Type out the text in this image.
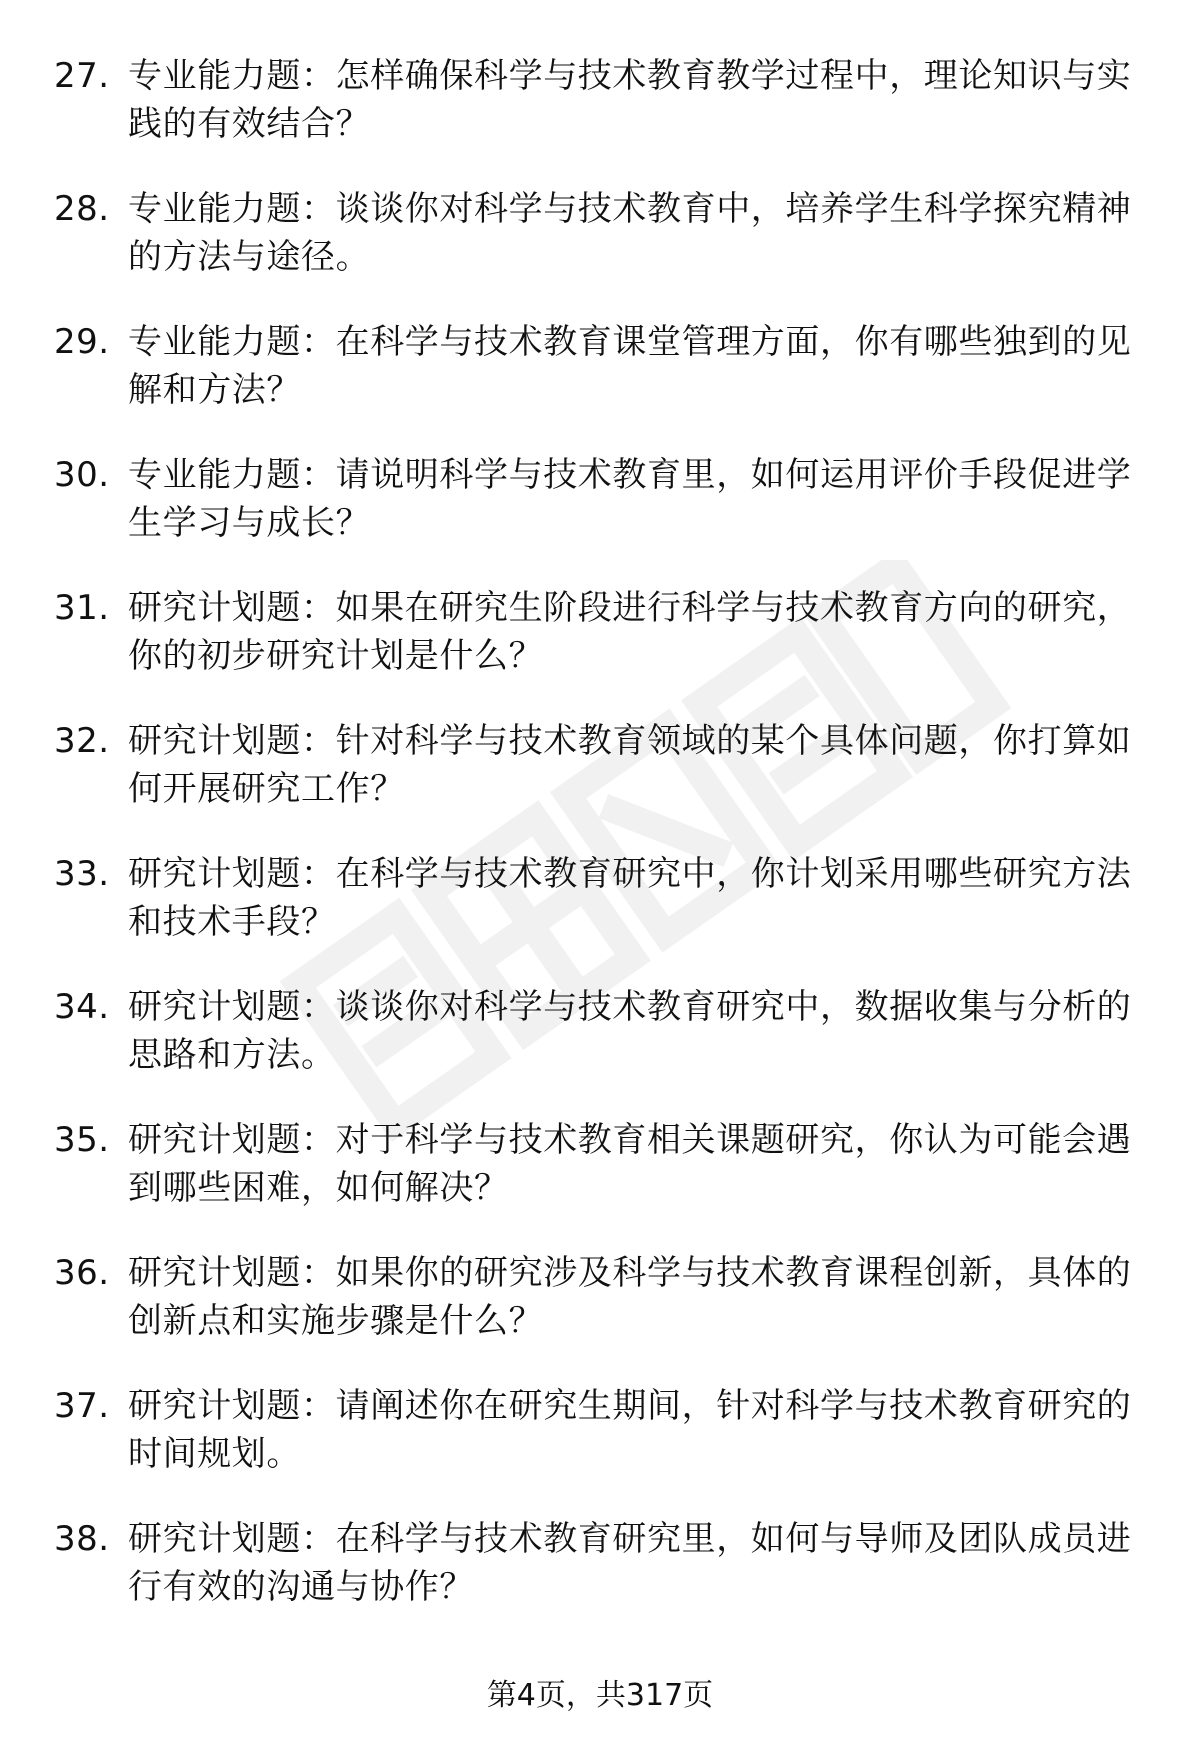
27. 专业能力题：怎样确保科学与技术教育教学过程中，理论知识与实践的有效结合？
28. 专业能力题：谈谈你对科学与技术教育中，培养学生科学探究精神的方法与途径。
29. 专业能力题：在科学与技术教育课堂管理方面，你有哪些独到的见解和方法？
30. 专业能力题：请说明科学与技术教育里，如何运用评价手段促进学生学习与成长？
31. 研究计划题：如果在研究生阶段进行科学与技术教育方向的研究，你的初步研究计划是什么？
32. 研究计划题：针对科学与技术教育领域的某个具体问题，你打算如何开展研究工作？
33. 研究计划题：在科学与技术教育研究中，你计划采用哪些研究方法和技术手段？
34. 研究计划题：谈谈你对科学与技术教育研究中，数据收集与分析的思路和方法。
35. 研究计划题：对于科学与技术教育相关课题研究，你认为可能会遇到哪些困难，如何解决？
36. 研究计划题：如果你的研究涉及科学与技术教育课程创新，具体的创新点和实施步骤是什么？
37. 研究计划题：请阐述你在研究生期间，针对科学与技术教育研究的时间规划。
38. 研究计划题：在科学与技术教育研究里，如何与导师及团队成员进行有效的沟通与协作？
第4页，共317页
